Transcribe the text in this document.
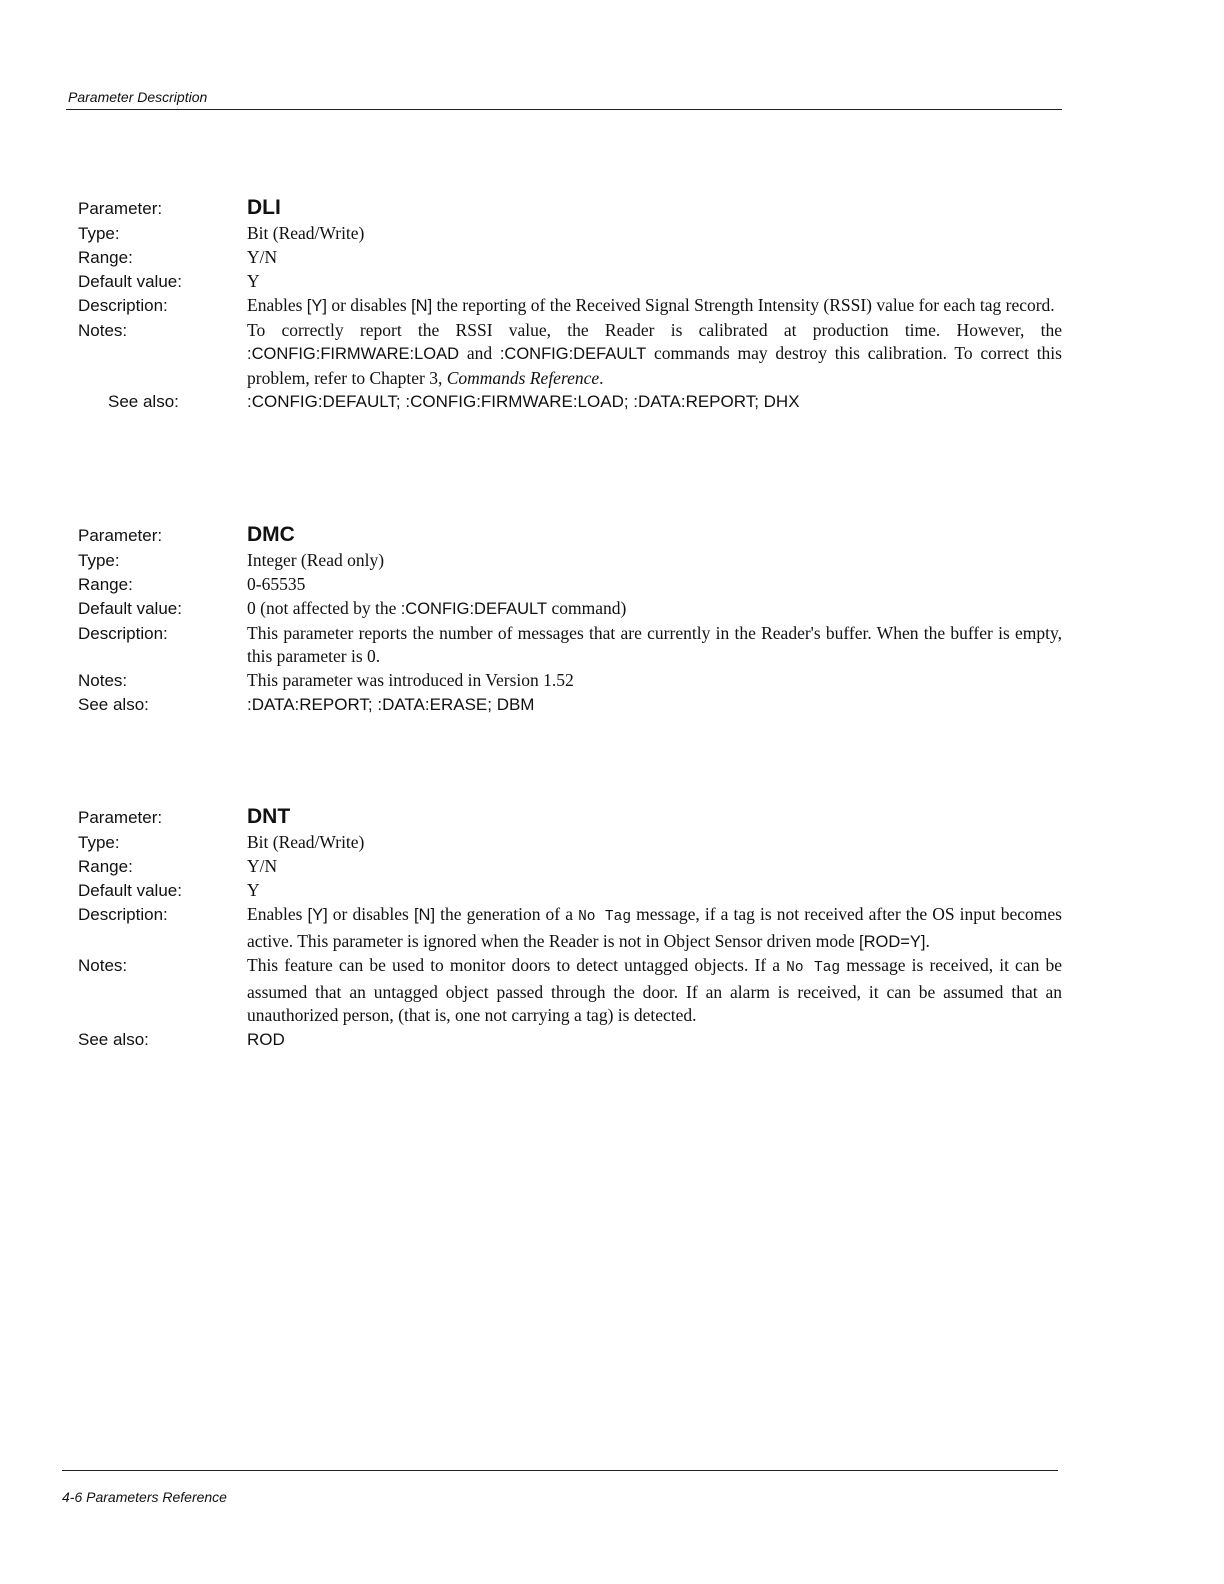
Parameter Description
Parameter:	DLI
Type:	Bit (Read/Write)
Range:	Y/N
Default value:	Y
Description:	Enables [Y] or disables [N] the reporting of the Received Signal Strength Intensity (RSSI) value for each tag record.
Notes:	To correctly report the RSSI value, the Reader is calibrated at production time. However, the :CONFIG:FIRMWARE:LOAD and :CONFIG:DEFAULT commands may destroy this calibration. To correct this problem, refer to Chapter 3, Commands Reference.
See also:	:CONFIG:DEFAULT; :CONFIG:FIRMWARE:LOAD; :DATA:REPORT; DHX
Parameter:	DMC
Type:	Integer (Read only)
Range:	0-65535
Default value:	0 (not affected by the :CONFIG:DEFAULT command)
Description:	This parameter reports the number of messages that are currently in the Reader's buffer. When the buffer is empty, this parameter is 0.
Notes:	This parameter was introduced in Version 1.52
See also:	:DATA:REPORT; :DATA:ERASE; DBM
Parameter:	DNT
Type:	Bit (Read/Write)
Range:	Y/N
Default value:	Y
Description:	Enables [Y] or disables [N] the generation of a No Tag message, if a tag is not received after the OS input becomes active. This parameter is ignored when the Reader is not in Object Sensor driven mode [ROD=Y].
Notes:	This feature can be used to monitor doors to detect untagged objects. If a No Tag message is received, it can be assumed that an untagged object passed through the door. If an alarm is received, it can be assumed that an unauthorized person, (that is, one not carrying a tag) is detected.
See also:	ROD
4-6 Parameters Reference
